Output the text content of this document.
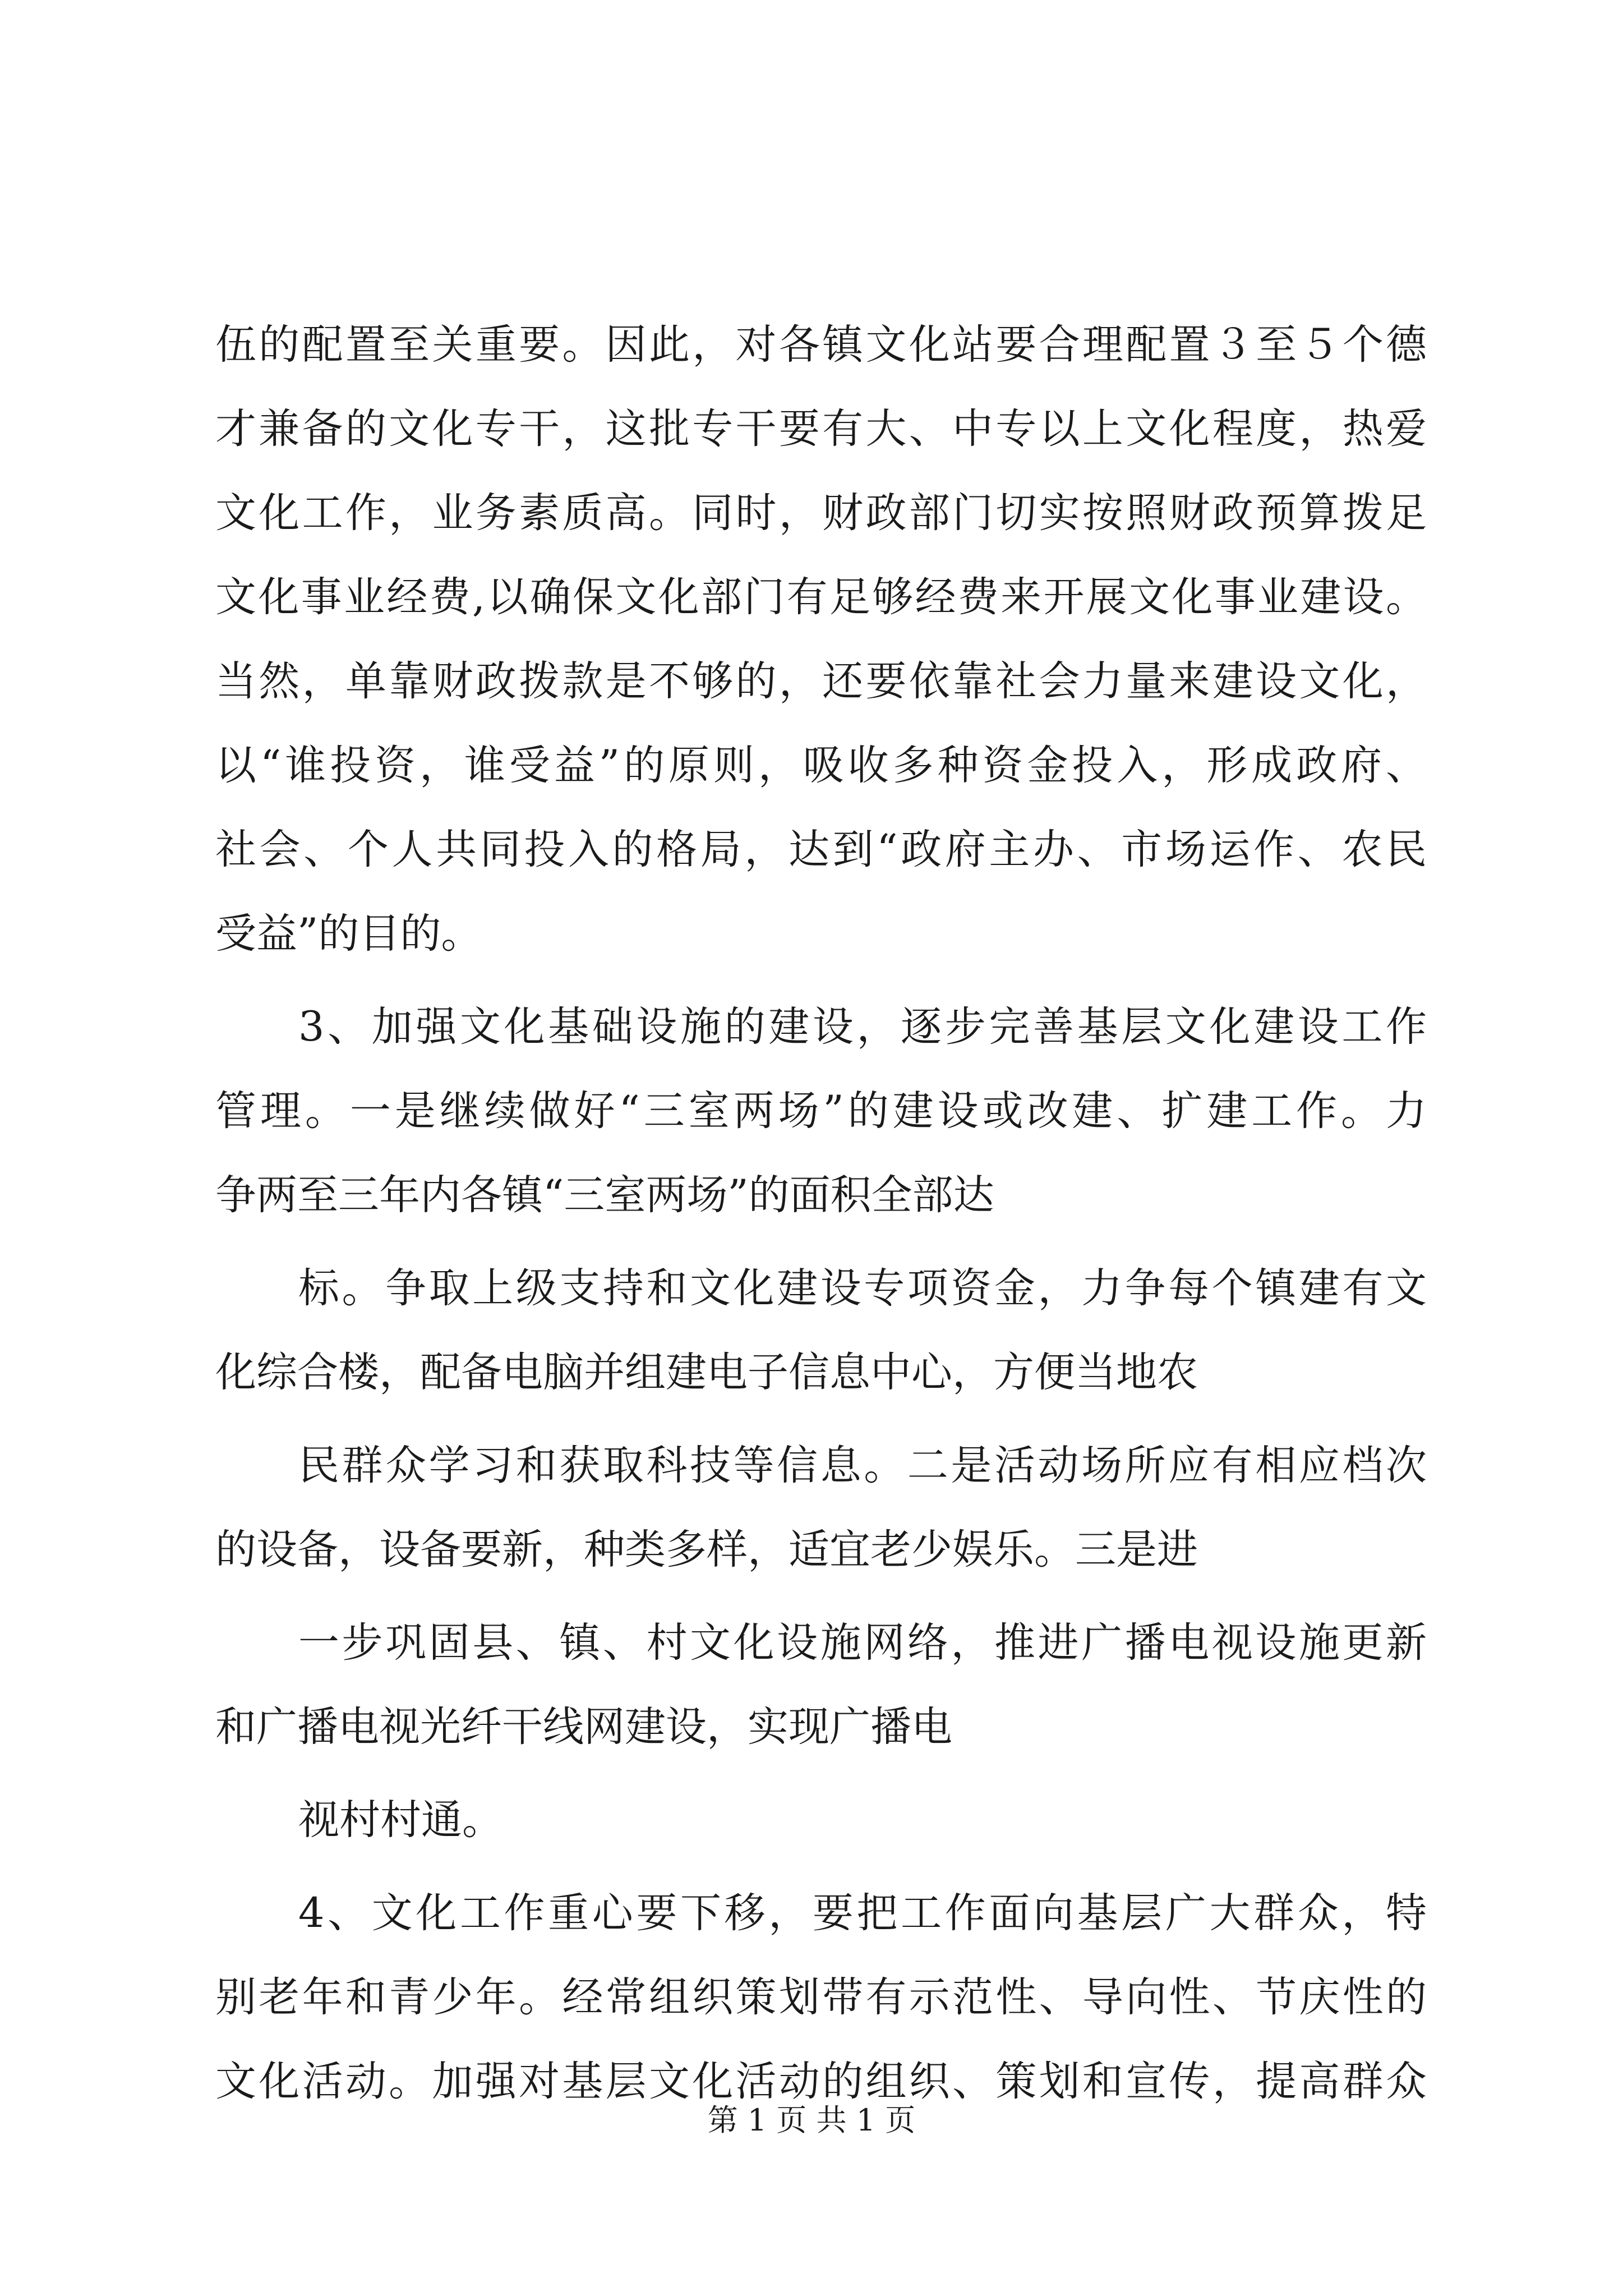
伍的配置至关重要。因此，对各镇文化站要合理配置３至５个德
才兼备的文化专干，这批专干要有大、中专以上文化程度，热爱
文化工作，业务素质高。同时，财政部门切实按照财政预算拨足
文化事业经费,以确保文化部门有足够经费来开展文化事业建设。
当然，单靠财政拨款是不够的，还要依靠社会力量来建设文化，
以“谁投资，谁受益”的原则，吸收多种资金投入，形成政府、
社会、个人共同投入的格局，达到“政府主办、市场运作、农民
受益”的目的。
3、加强文化基础设施的建设，逐步完善基层文化建设工作
管理。一是继续做好“三室两场”的建设或改建、扩建工作。力
争两至三年内各镇“三室两场”的面积全部达
标。争取上级支持和文化建设专项资金，力争每个镇建有文
化综合楼，配备电脑并组建电子信息中心，方便当地农
民群众学习和获取科技等信息。二是活动场所应有相应档次
的设备，设备要新，种类多样，适宜老少娱乐。三是进
一步巩固县、镇、村文化设施网络，推进广播电视设施更新
和广播电视光纤干线网建设，实现广播电
视村村通。
4、文化工作重心要下移，要把工作面向基层广大群众，特
别老年和青少年。经常组织策划带有示范性、导向性、节庆性的
文化活动。加强对基层文化活动的组织、策划和宣传，提高群众
第 1 页 共 1 页
